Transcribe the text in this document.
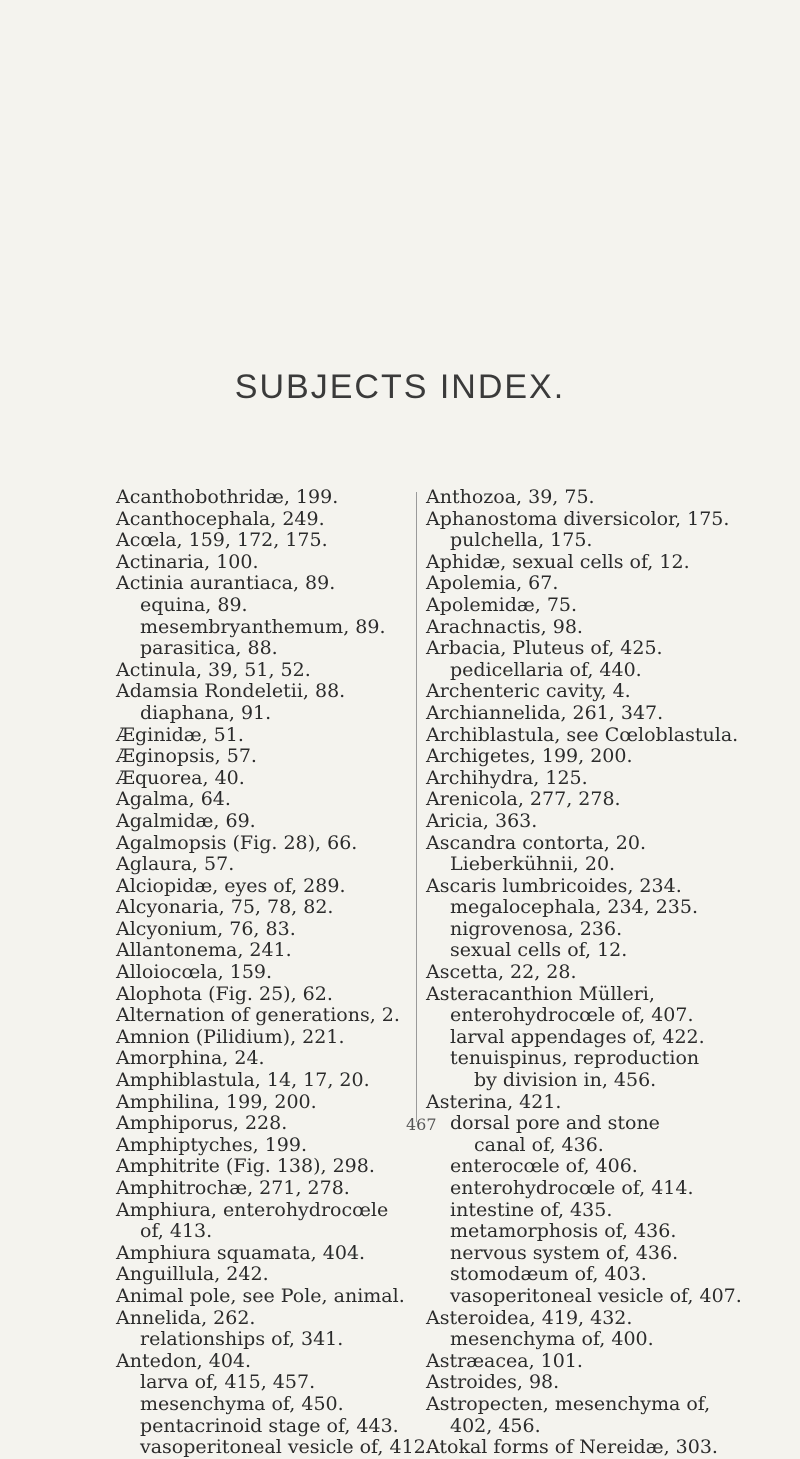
SUBJECTS INDEX.
Acanthobothridæ, 199.
Acanthocephala, 249.
Acœla, 159, 172, 175.
Actinaria, 100.
Actinia aurantiaca, 89.
equina, 89.
mesembryanthemum, 89.
parasitica, 88.
Actinula, 39, 51, 52.
Adamsia Rondeletii, 88.
diaphana, 91.
Æginidæ, 51.
Æginopsis, 57.
Æquorea, 40.
Agalma, 64.
Agalmidæ, 69.
Agalmopsis (Fig. 28), 66.
Aglaura, 57.
Alciopidæ, eyes of, 289.
Alcyonaria, 75, 78, 82.
Alcyonium, 76, 83.
Allantonema, 241.
Alloiocœla, 159.
Alophota (Fig. 25), 62.
Alternation of generations, 2.
Amnion (Pilidium), 221.
Amorphina, 24.
Amphiblastula, 14, 17, 20.
Amphilina, 199, 200.
Amphiporus, 228.
Amphiptyches, 199.
Amphitrite (Fig. 138), 298.
Amphitrochæ, 271, 278.
Amphiura, enterohydrocœle of, 413.
Amphiura squamata, 404.
Anguillula, 242.
Animal pole, see Pole, animal.
Annelida, 262.
relationships of, 341.
Antedon, 404.
larva of, 415, 457.
mesenchyma of, 450.
pentacrinoid stage of, 443.
vasoperitoneal vesicle of, 412.
Anthozoa, 39, 75.
Aphanostoma diversicolor, 175.
pulchella, 175.
Aphidæ, sexual cells of, 12.
Apolemia, 67.
Apolemidæ, 75.
Arachnactis, 98.
Arbacia, Pluteus of, 425.
pedicellaria of, 440.
Archenteric cavity, 4.
Archiannelida, 261, 347.
Archiblastula, see Cœloblastula.
Archigetes, 199, 200.
Archihydra, 125.
Arenicola, 277, 278.
Aricia, 363.
Ascandra contorta, 20.
Lieberkühnii, 20.
Ascaris lumbricoides, 234.
megalocephala, 234, 235.
nigrovenosa, 236.
sexual cells of, 12.
Ascetta, 22, 28.
Asteracanthion Mülleri, enterohydrocœle of, 407.
larval appendages of, 422.
tenuispinus, reproduction by division in, 456.
Asterina, 421.
dorsal pore and stone canal of, 436.
enterocœle of, 406.
enterohydrocœle of, 414.
intestine of, 435.
metamorphosis of, 436.
nervous system of, 436.
stomodæum of, 403.
vasoperitoneal vesicle of, 407.
Asteroidea, 419, 432.
mesenchyma of, 400.
Astræacea, 101.
Astroides, 98.
Astropecten, mesenchyma of, 402, 456.
Atokal forms of Nereidæ, 303.
467
